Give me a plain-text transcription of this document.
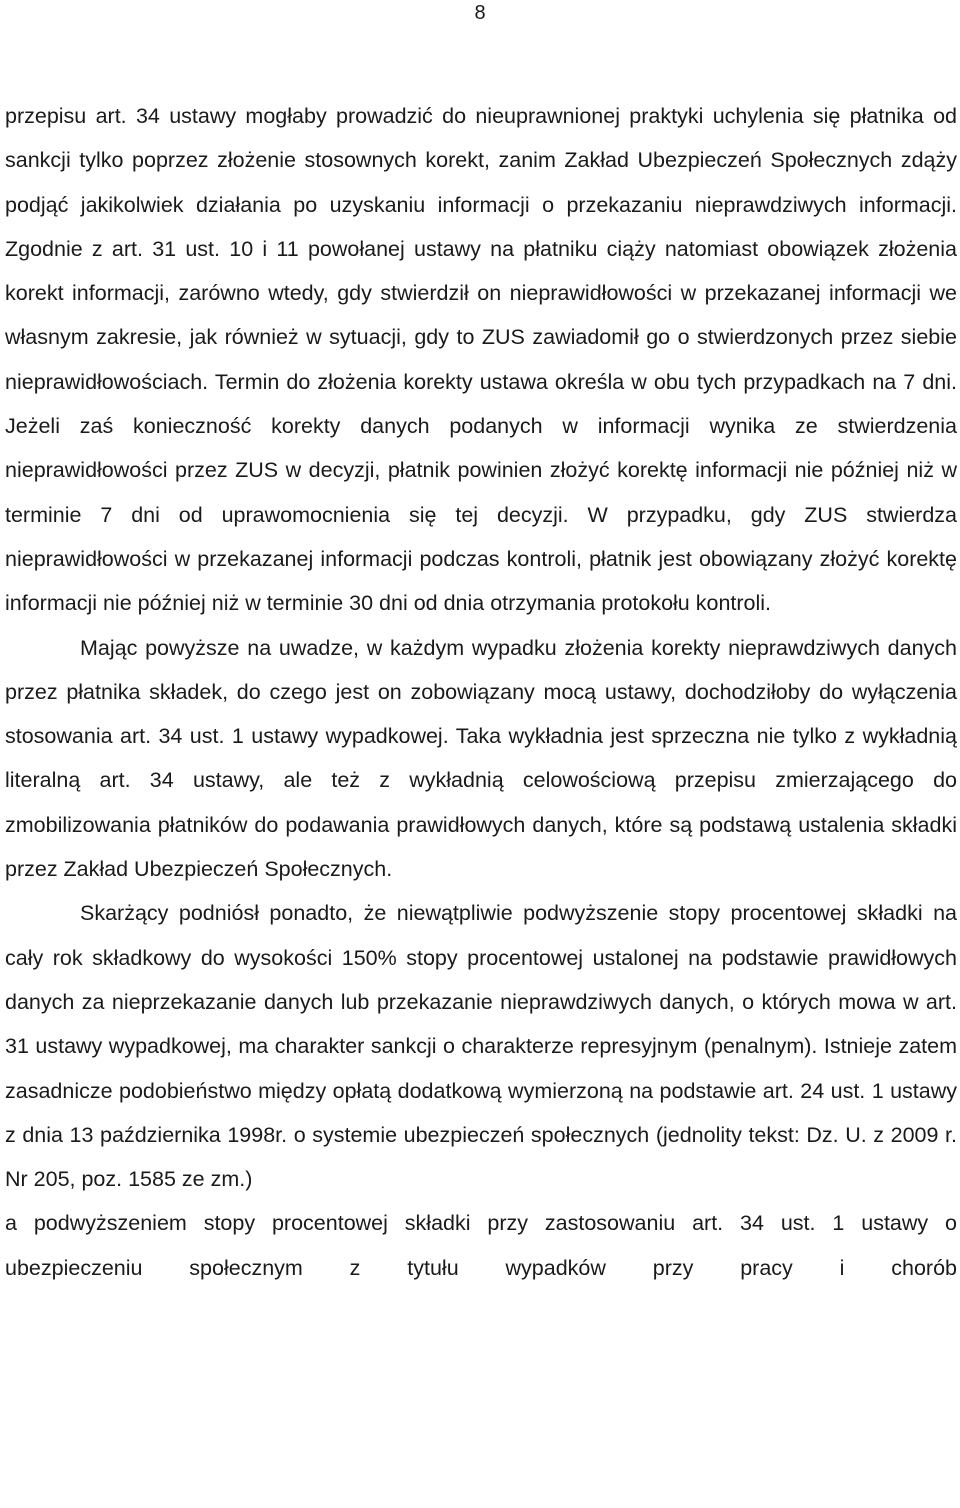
8

przepisu art. 34 ustawy mogłaby prowadzić do nieuprawnionej praktyki uchylenia się płatnika od sankcji tylko poprzez złożenie stosownych korekt, zanim Zakład Ubezpieczeń Społecznych zdąży podjąć jakikolwiek działania po uzyskaniu informacji o przekazaniu nieprawdziwych informacji. Zgodnie z art. 31 ust. 10 i 11 powołanej ustawy na płatniku ciąży natomiast obowiązek złożenia korekt informacji, zarówno wtedy, gdy stwierdził on nieprawidłowości w przekazanej informacji we własnym zakresie, jak również w sytuacji, gdy to ZUS zawiadomił go o stwierdzonych przez siebie nieprawidłowościach. Termin do złożenia korekty ustawa określa w obu tych przypadkach na 7 dni. Jeżeli zaś konieczność korekty danych podanych w informacji wynika ze stwierdzenia nieprawidłowości przez ZUS w decyzji, płatnik powinien złożyć korektę informacji nie później niż w terminie 7 dni od uprawomocnienia się tej decyzji. W przypadku, gdy ZUS stwierdza nieprawidłowości w przekazanej informacji podczas kontroli, płatnik jest obowiązany złożyć korektę informacji nie później niż w terminie 30 dni od dnia otrzymania protokołu kontroli.

Mając powyższe na uwadze, w każdym wypadku złożenia korekty nieprawdziwych danych przez płatnika składek, do czego jest on zobowiązany mocą ustawy, dochodziłoby do wyłączenia stosowania art. 34 ust. 1 ustawy wypadkowej. Taka wykładnia jest sprzeczna nie tylko z wykładnią literalną art. 34 ustawy, ale też z wykładnią celowościową przepisu zmierzającego do zmobilizowania płatników do podawania prawidłowych danych, które są podstawą ustalenia składki przez Zakład Ubezpieczeń Społecznych.

Skarżący podniósł ponadto, że niewątpliwie podwyższenie stopy procentowej składki na cały rok składkowy do wysokości 150% stopy procentowej ustalonej na podstawie prawidłowych danych za nieprzekazanie danych lub przekazanie nieprawdziwych danych, o których mowa w art. 31 ustawy wypadkowej, ma charakter sankcji o charakterze represyjnym (penalnym). Istnieje zatem zasadnicze podobieństwo między opłatą dodatkową wymierzoną na podstawie art. 24 ust. 1 ustawy z dnia 13 października 1998r. o systemie ubezpieczeń społecznych (jednolity tekst: Dz. U. z 2009 r. Nr 205, poz. 1585 ze zm.)

a podwyższeniem stopy procentowej składki przy zastosowaniu art. 34 ust. 1 ustawy o ubezpieczeniu społecznym z tytułu wypadków przy pracy i chorób
